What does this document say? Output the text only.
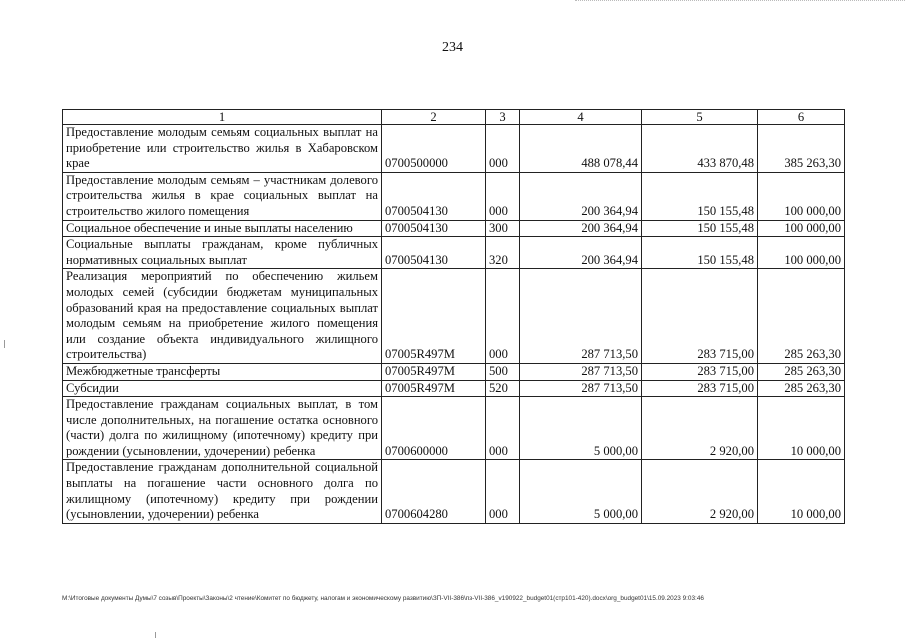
234
1	2	3	4	5	6
Предоставление молодым семьям социальных выплат на приобретение или строительство жилья в Хабаровском крае	0700500000	000	488 078,44	433 870,48	385 263,30
Предоставление молодым семьям – участникам долевого строительства жилья в крае социальных выплат на строительство жилого помещения	0700504130	000	200 364,94	150 155,48	100 000,00
Социальное обеспечение и иные выплаты населению	0700504130	300	200 364,94	150 155,48	100 000,00
Социальные выплаты гражданам, кроме публичных нормативных социальных выплат	0700504130	320	200 364,94	150 155,48	100 000,00
Реализация мероприятий по обеспечению жильем молодых семей (субсидии бюджетам муниципальных образований края на предоставление социальных выплат молодым семьям на приобретение жилого помещения или создание объекта индивидуального жилищного строительства)	07005R497M	000	287 713,50	283 715,00	285 263,30
Межбюджетные трансферты	07005R497M	500	287 713,50	283 715,00	285 263,30
Субсидии	07005R497M	520	287 713,50	283 715,00	285 263,30
Предоставление гражданам социальных выплат, в том числе дополнительных, на погашение остатка основного (части) долга по жилищному (ипотечному) кредиту при рождении (усыновлении, удочерении) ребенка	0700600000	000	5 000,00	2 920,00	10 000,00
Предоставление гражданам дополнительной социальной выплаты на погашение части основного долга по жилищному (ипотечному) кредиту при рождении (усыновлении, удочерении) ребенка	0700604280	000	5 000,00	2 920,00	10 000,00
M:\Итоговые документы Думы\7 созыв\Проекты\Законы\2 чтение\Комитет по бюджету, налогам и экономическому развитию\ЗП-VII-386\пз-VII-386_v190922_budget01(стр101-420).docx\org_budget01\15.09.2023 9:03:46
